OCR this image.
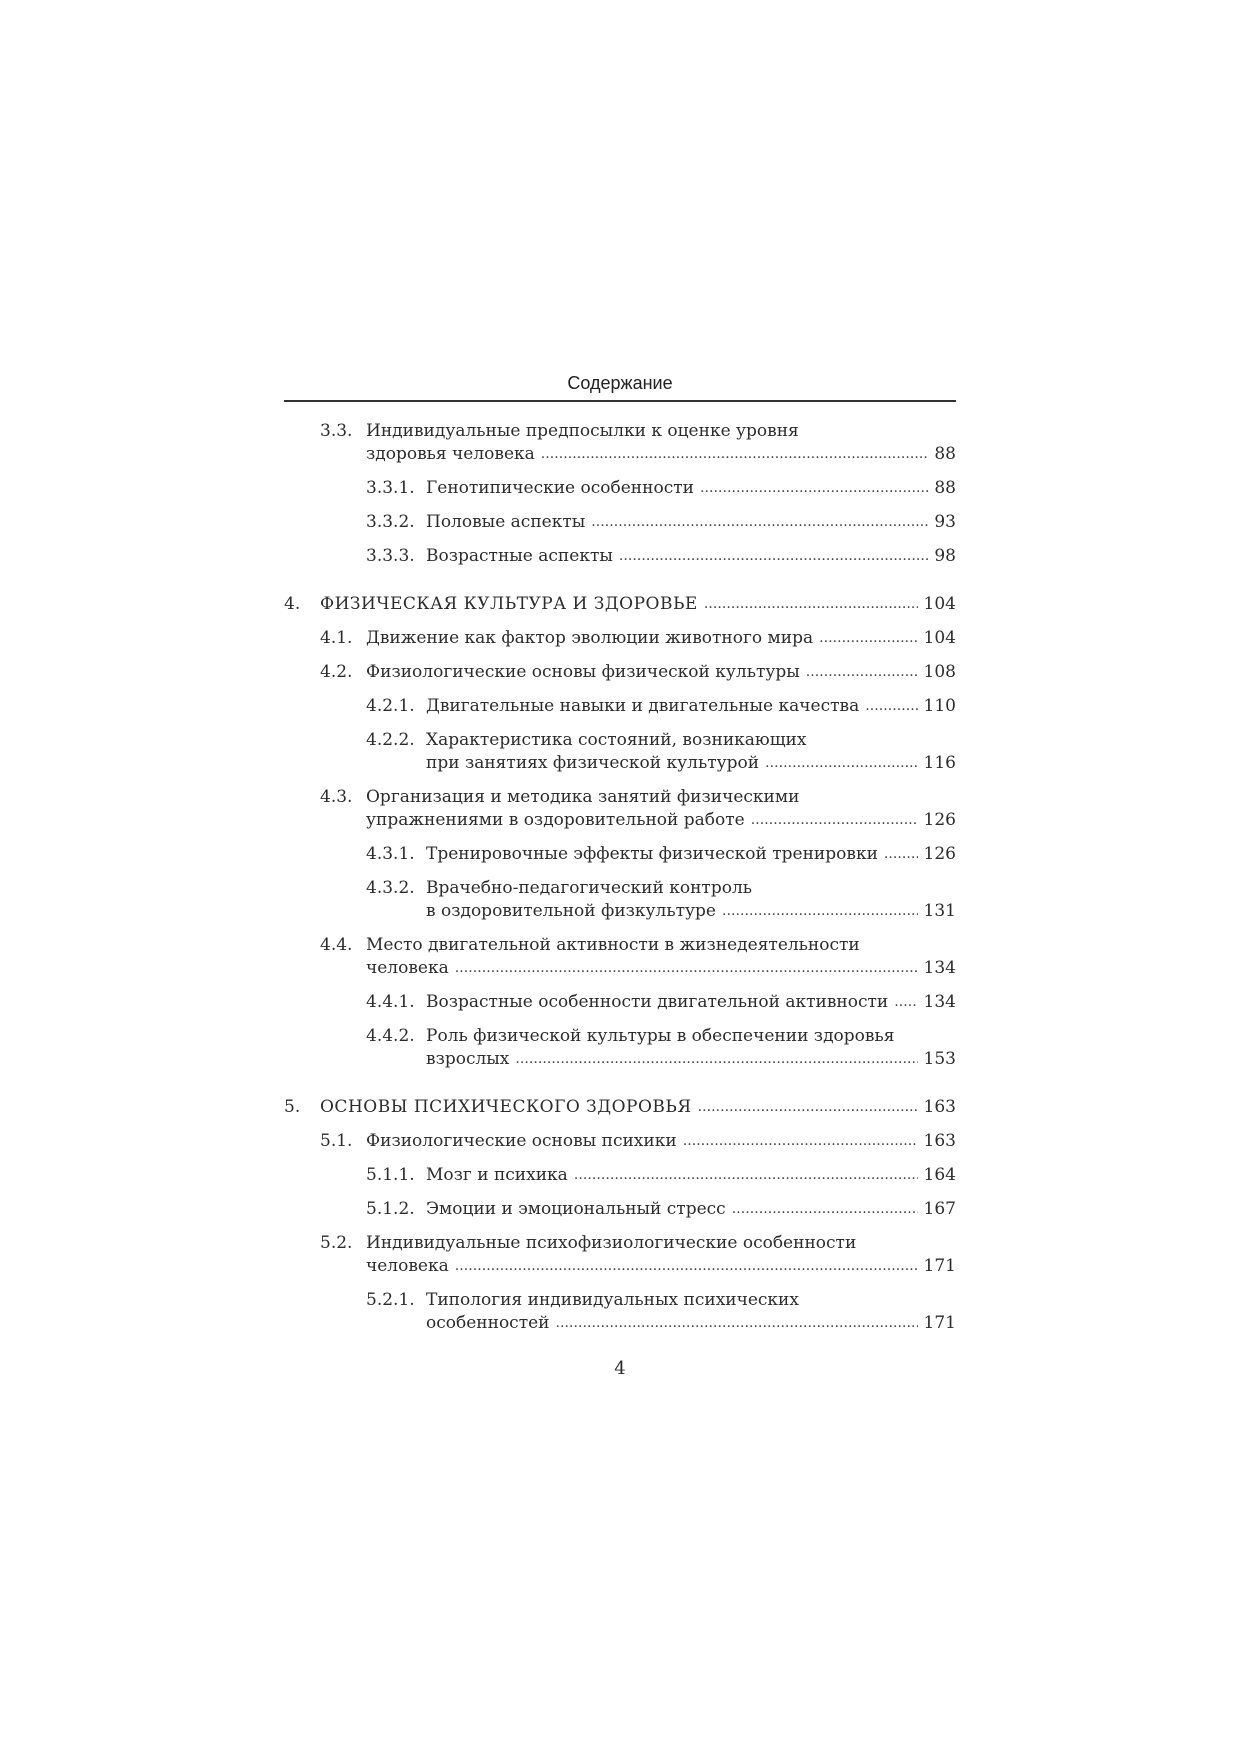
Содержание
3.3. Индивидуальные предпосылки к оценке уровня
здоровья человека . . .	88
3.3.1. Генотипические особенности . . .	88
3.3.2. Половые аспекты . . .	93
3.3.3. Возрастные аспекты . . .	98
4. ФИЗИЧЕСКАЯ КУЛЬТУРА И ЗДОРОВЬЕ . . .	104
4.1. Движение как фактор эволюции животного мира . . .	104
4.2. Физиологические основы физической культуры . . .	108
4.2.1. Двигательные навыки и двигательные качества . . .	110
4.2.2. Характеристика состояний, возникающих
при занятиях физической культурой . . .	116
4.3. Организация и методика занятий физическими
упражнениями в оздоровительной работе . . .	126
4.3.1. Тренировочные эффекты физической тренировки . . .	126
4.3.2. Врачебно-педагогический контроль
в оздоровительной физкультуре . . .	131
4.4. Место двигательной активности в жизнедеятельности
человека . . .	134
4.4.1. Возрастные особенности двигательной активности . . . 134
4.4.2. Роль физической культуры в обеспечении здоровья
взрослых . . .	153
5. ОСНОВЫ ПСИХИЧЕСКОГО ЗДОРОВЬЯ . . .	163
5.1. Физиологические основы психики . . .	163
5.1.1. Мозг и психика . . .	164
5.1.2. Эмоции и эмоциональный стресс . . .	167
5.2. Индивидуальные психофизиологические особенности
человека . . .	171
5.2.1. Типология индивидуальных психических
особенностей . . .	171
4
